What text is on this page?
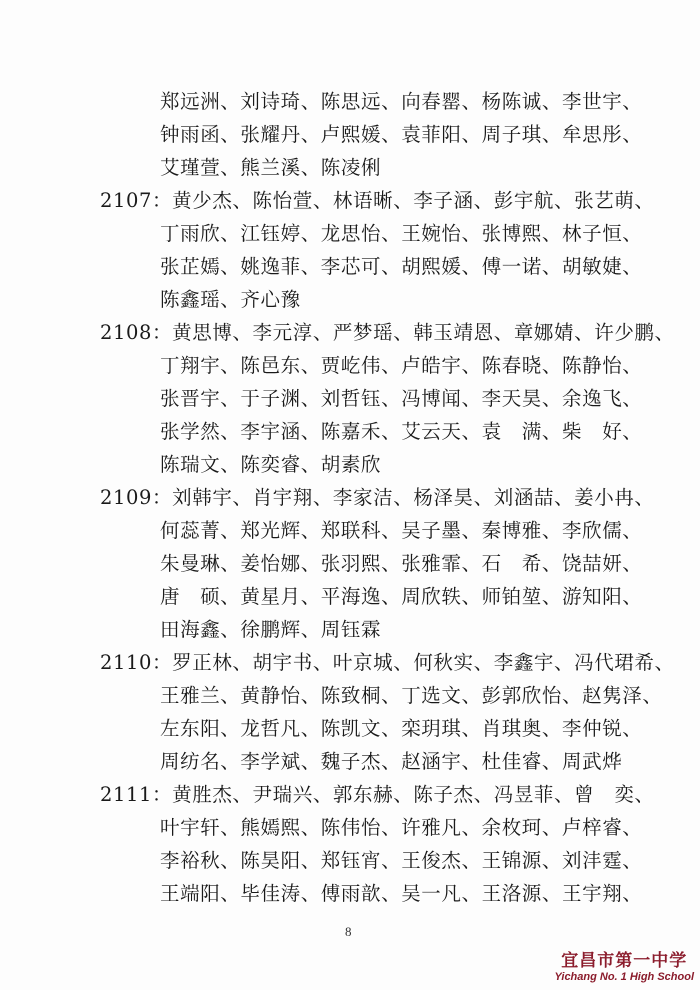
郑远洲、刘诗琦、陈思远、向春罂、杨陈诚、李世宇、
钟雨函、张耀丹、卢熙媛、袁菲阳、周子琪、牟思彤、
艾瑾萱、熊兰溪、陈凌俐
2107：黄少杰、陈怡萱、林语晰、李子涵、彭宇航、张艺萌、
丁雨欣、江钰婷、龙思怡、王婉怡、张博熙、林子恒、
张芷嫣、姚逸菲、李芯可、胡熙媛、傅一诺、胡敏婕、
陈鑫瑶、齐心豫
2108：黄思博、李元淳、严梦瑶、韩玉靖恩、章娜婧、许少鹏、
丁翔宇、陈邑东、贾屹伟、卢皓宇、陈春晓、陈静怡、
张晋宇、于子渊、刘哲钰、冯博闻、李天昊、余逸飞、
张学然、李宇涵、陈嘉禾、艾云天、袁　满、柴　好、
陈瑞文、陈奕睿、胡素欣
2109：刘韩宇、肖宇翔、李家洁、杨泽昊、刘涵喆、姜小冉、
何蕊菁、郑光辉、郑联科、吴子墨、秦博雅、李欣儒、
朱曼琳、姜怡娜、张羽熙、张雅霏、石　希、饶喆妍、
唐　硕、黄星月、平海逸、周欣轶、师铂堃、游知阳、
田海鑫、徐鹏辉、周钰霖
2110：罗正林、胡宇书、叶京城、何秋实、李鑫宇、冯代珺希、
王雅兰、黄静怡、陈致桐、丁选文、彭郭欣怡、赵隽泽、
左东阳、龙哲凡、陈凯文、栾玥琪、肖琪奥、李仲锐、
周纺名、李学斌、魏子杰、赵涵宇、杜佳睿、周武烨
2111：黄胜杰、尹瑞兴、郭东赫、陈子杰、冯昱菲、曾　奕、
叶宇轩、熊嫣熙、陈伟怡、许雅凡、余枚珂、卢梓睿、
李裕秋、陈昊阳、郑钰宵、王俊杰、王锦源、刘沣霆、
王端阳、毕佳涛、傅雨歆、吴一凡、王洛源、王宇翔、
8
宜昌市第一中学
Yichang No. 1 High School
